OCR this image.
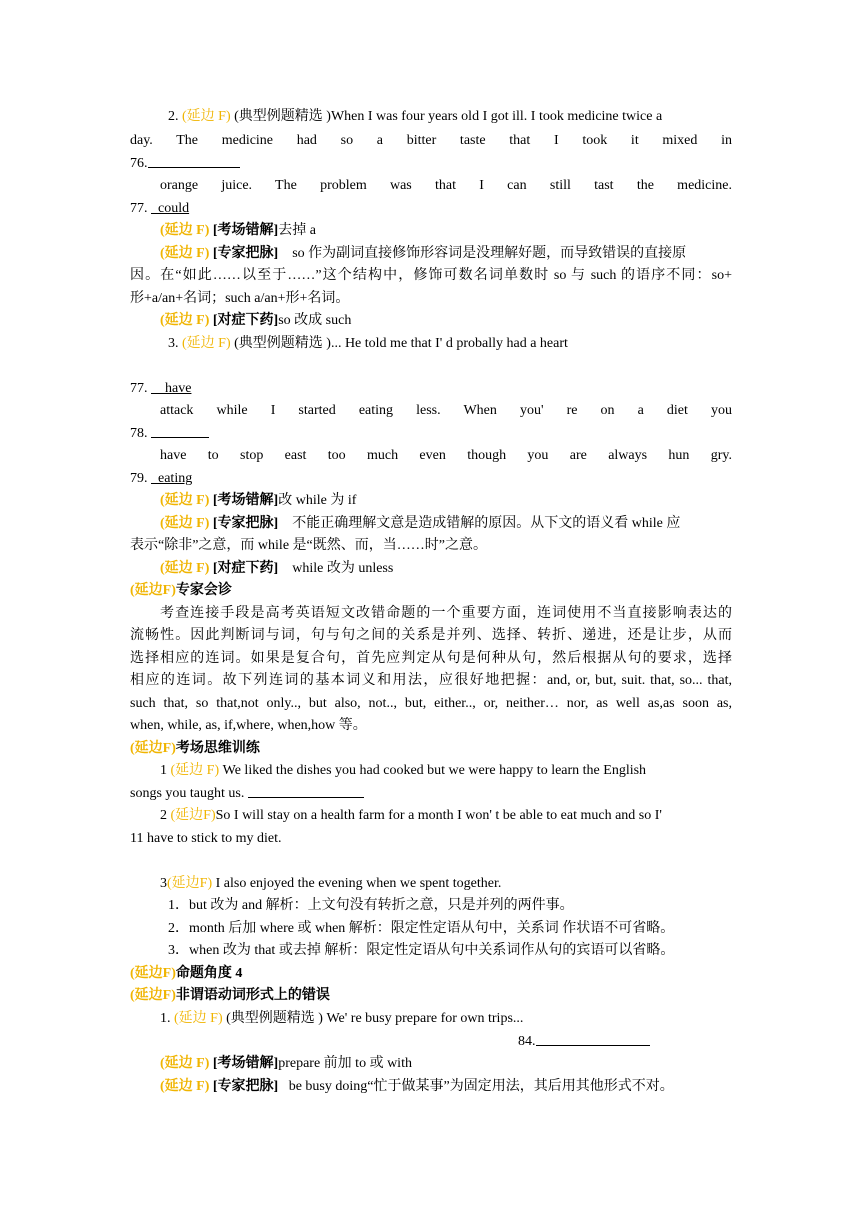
2. (延边 F) (典型例题精选 )When I was four years old I got ill. I took medicine twice a
day. The medicine had so a bitter taste that I took it mixed in
76.
orange juice. The problem was that I can still tast the medicine.
77. could
(延边 F) [考场错解]去掉 a
(延边 F) [专家把脉] so 作为副词直接修饰形容词是没理解好题，而导致错误的直接原
因。在“如此……以至于……”这个结构中，修饰可数名词单数时 so 与 such 的语序不同：so+
形+a/an+名词；such a/an+形+名词。
(延边 F) [对症下药]so 改成 such
3. (延边 F) (典型例题精选 )... He told me that I' d probally had a heart
77. have
attack while I started eating less. When you' re on a diet you
78.
have to stop east too much even though you are always hun gry.
79. eating
(延边 F) [考场错解]改 while 为 if
(延边 F) [专家把脉] 不能正确理解文意是造成错解的原因。从下文的语义看 while 应
表示“除非”之意，而 while 是“既然、而，当……时”之意。
(延边 F) [对症下药] while 改为 unless
(延边F)专家会诊
考查连接手段是高考英语短文改错命题的一个重要方面，连词使用不当直接影响表达的
流畅性。因此判断词与词，句与句之间的关系是并列、选择、转折、递进，还是让步，从而
选择相应的连词。如果是复合句，首先应判定从句是何种从句，然后根据从句的要求，选择
相应的连词。故下列连词的基本词义和用法，应很好地把握：and, or, but, suit. that, so... that,
such that, so that,not only.., but also, not.., but, either.., or, neither… nor, as well as,as soon as,
when, while, as, if,where, when,how 等。
(延边F)考场思维训练
1 (延边 F) We liked the dishes you had cooked but we were happy to learn the English
songs you taught us.
2 (延边F)So I will stay on a health farm for a month I won' t be able to eat much and so I'
11 have to stick to my diet.
3(延边F) I also enjoyed the evening when we spent together.
1．but 改为 and 解析：上文句没有转折之意，只是并列的两件事。
2．month 后加 where 或 when 解析：限定性定语从句中，关系词 作状语不可省略。
3．when 改为 that 或去掉 解析：限定性定语从句中关系词作从句的宾语可以省略。
(延边F)命题角度 4
(延边F)非谓语动词形式上的错误
1. (延边 F) (典型例题精选 ) We' re busy prepare for own trips...
84.
(延边 F) [考场错解]prepare 前加 to 或 with
(延边 F) [专家把脉] be busy doing“忙于做某事”为固定用法，其后用其他形式不对。
